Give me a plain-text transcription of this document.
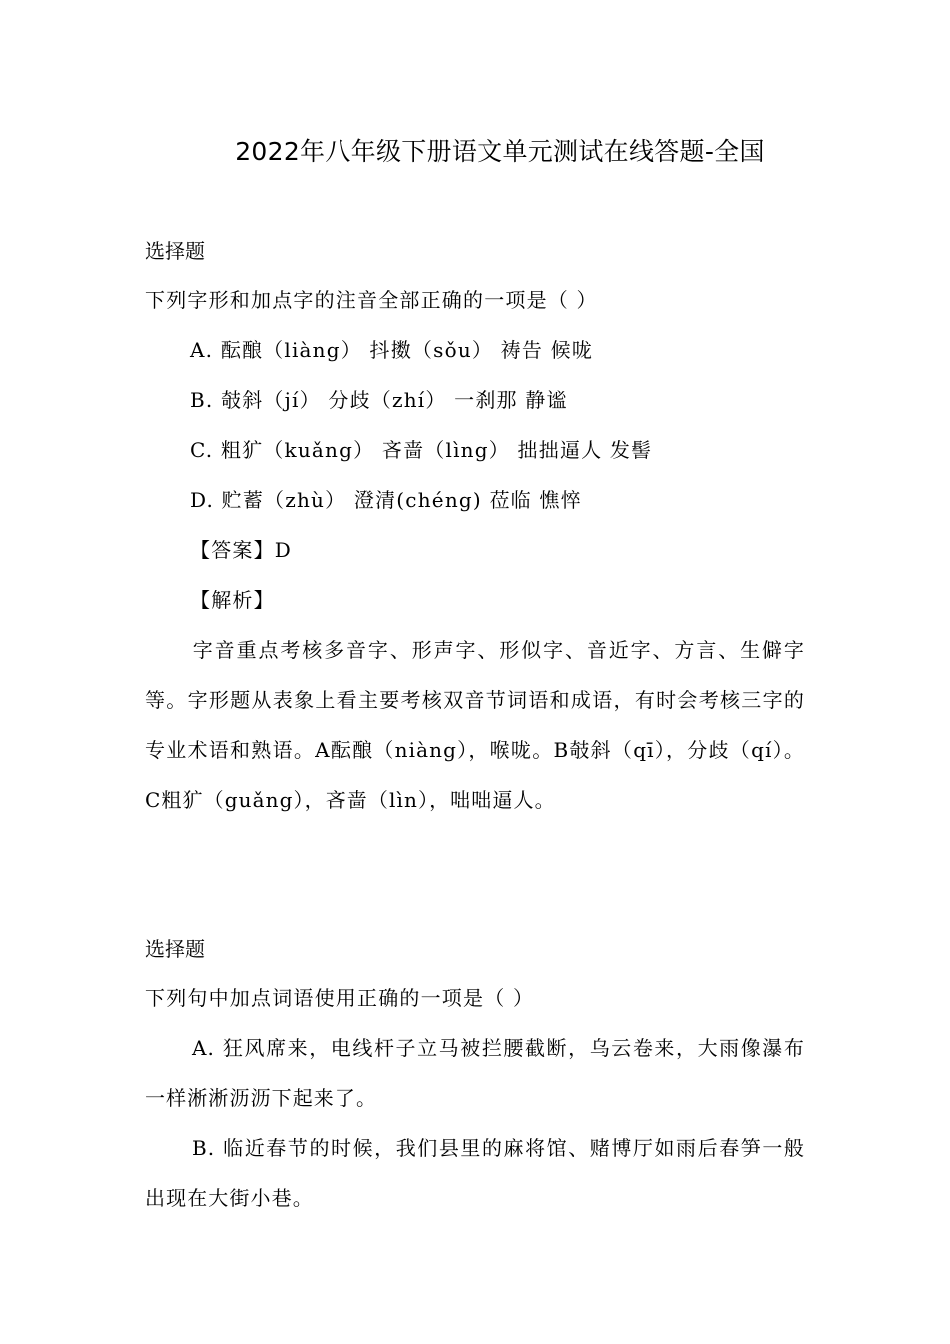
2022年八年级下册语文单元测试在线答题-全国
选择题
下列字形和加点字的注音全部正确的一项是（ ）
A. 酝酿（liàng） 抖擞（sǒu） 祷告 候咙
B. 攲斜（jí） 分歧（zhí） 一刹那 静谧
C. 粗犷（kuǎng） 吝啬（lìng） 拙拙逼人 发髻
D. 贮蓄（zhù） 澄清(chéng) 莅临 憔悴
【答案】D
【解析】
字音重点考核多音字、形声字、形似字、音近字、方言、生僻字等。字形题从表象上看主要考核双音节词语和成语，有时会考核三字的专业术语和熟语。A酝酿（niàng），喉咙。B攲斜（qī），分歧（qí）。C粗犷（guǎng），吝啬（lìn），咄咄逼人。
选择题
下列句中加点词语使用正确的一项是（ ）
A. 狂风席来，电线杆子立马被拦腰截断，乌云卷来，大雨像瀑布一样淅淅沥沥下起来了。
B. 临近春节的时候，我们县里的麻将馆、赌博厅如雨后春笋一般出现在大街小巷。
